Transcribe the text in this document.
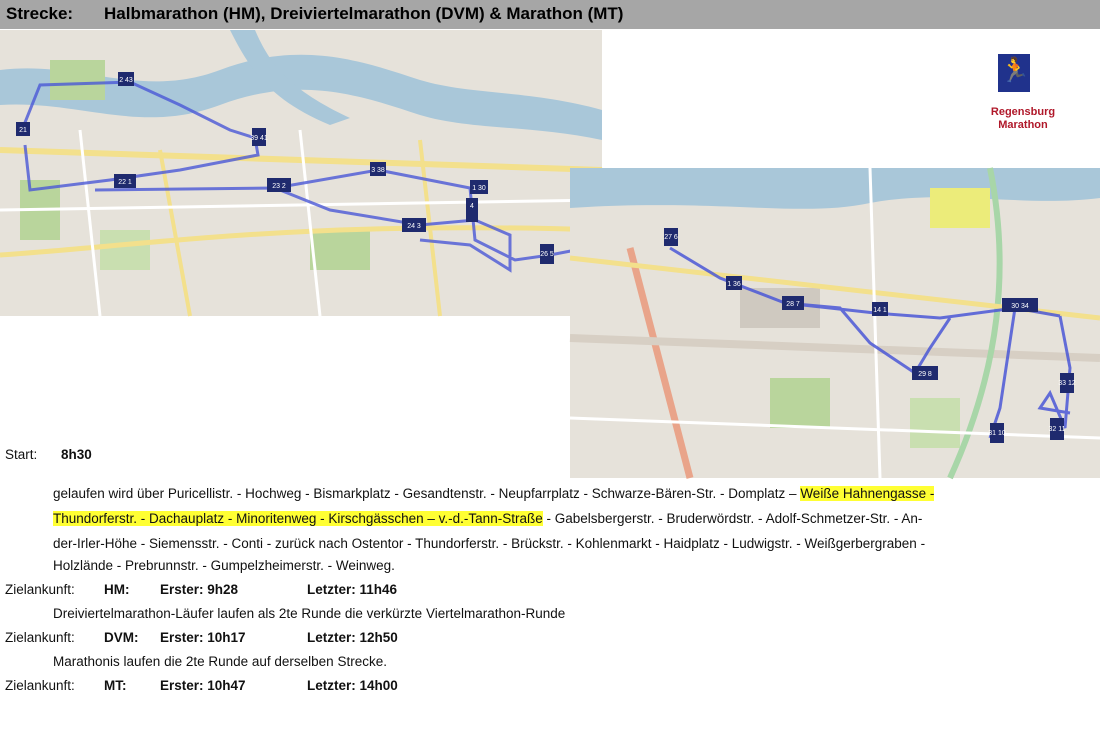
Strecke: Halbmarathon (HM), Dreiviertelmarathon (DVM) & Marathon (MT)
21
2 43
39 41
22 1
23 2
3 38
1 30
4
24 3
26 5
27 6
1 36
28 7
14 1
29 8
30 34
33 12
31 10
32 11
🏃
Regensburg
Marathon
Start: 8h30
gelaufen wird über Puricellistr. - Hochweg - Bismarkplatz - Gesandtenstr. - Neupfarrplatz - Schwarze-Bären-Str. - Domplatz – Weiße Hahnengasse -
Thundorferstr. - Dachauplatz - Minoritenweg - Kirschgässchen – v.-d.-Tann-Straße - Gabelsbergerstr. - Bruderwördstr. - Adolf-Schmetzer-Str. - An-
der-Irler-Höhe - Siemensstr. - Conti - zurück nach Ostentor - Thundorferstr. - Brückstr. - Kohlenmarkt - Haidplatz - Ludwigstr. - Weißgerbergraben -
Holzlände - Prebrunnstr. - Gumpelzheimerstr. - Weinweg.
Zielankunft: HM: Erster: 9h28	Letzter: 11h46
Dreiviertelmarathon-Läufer laufen als 2te Runde die verkürzte Viertelmarathon-Runde
Zielankunft: DVM: Erster: 10h17	Letzter: 12h50
Marathonis laufen die 2te Runde auf derselben Strecke.
Zielankunft: MT: Erster: 10h47	Letzter: 14h00
